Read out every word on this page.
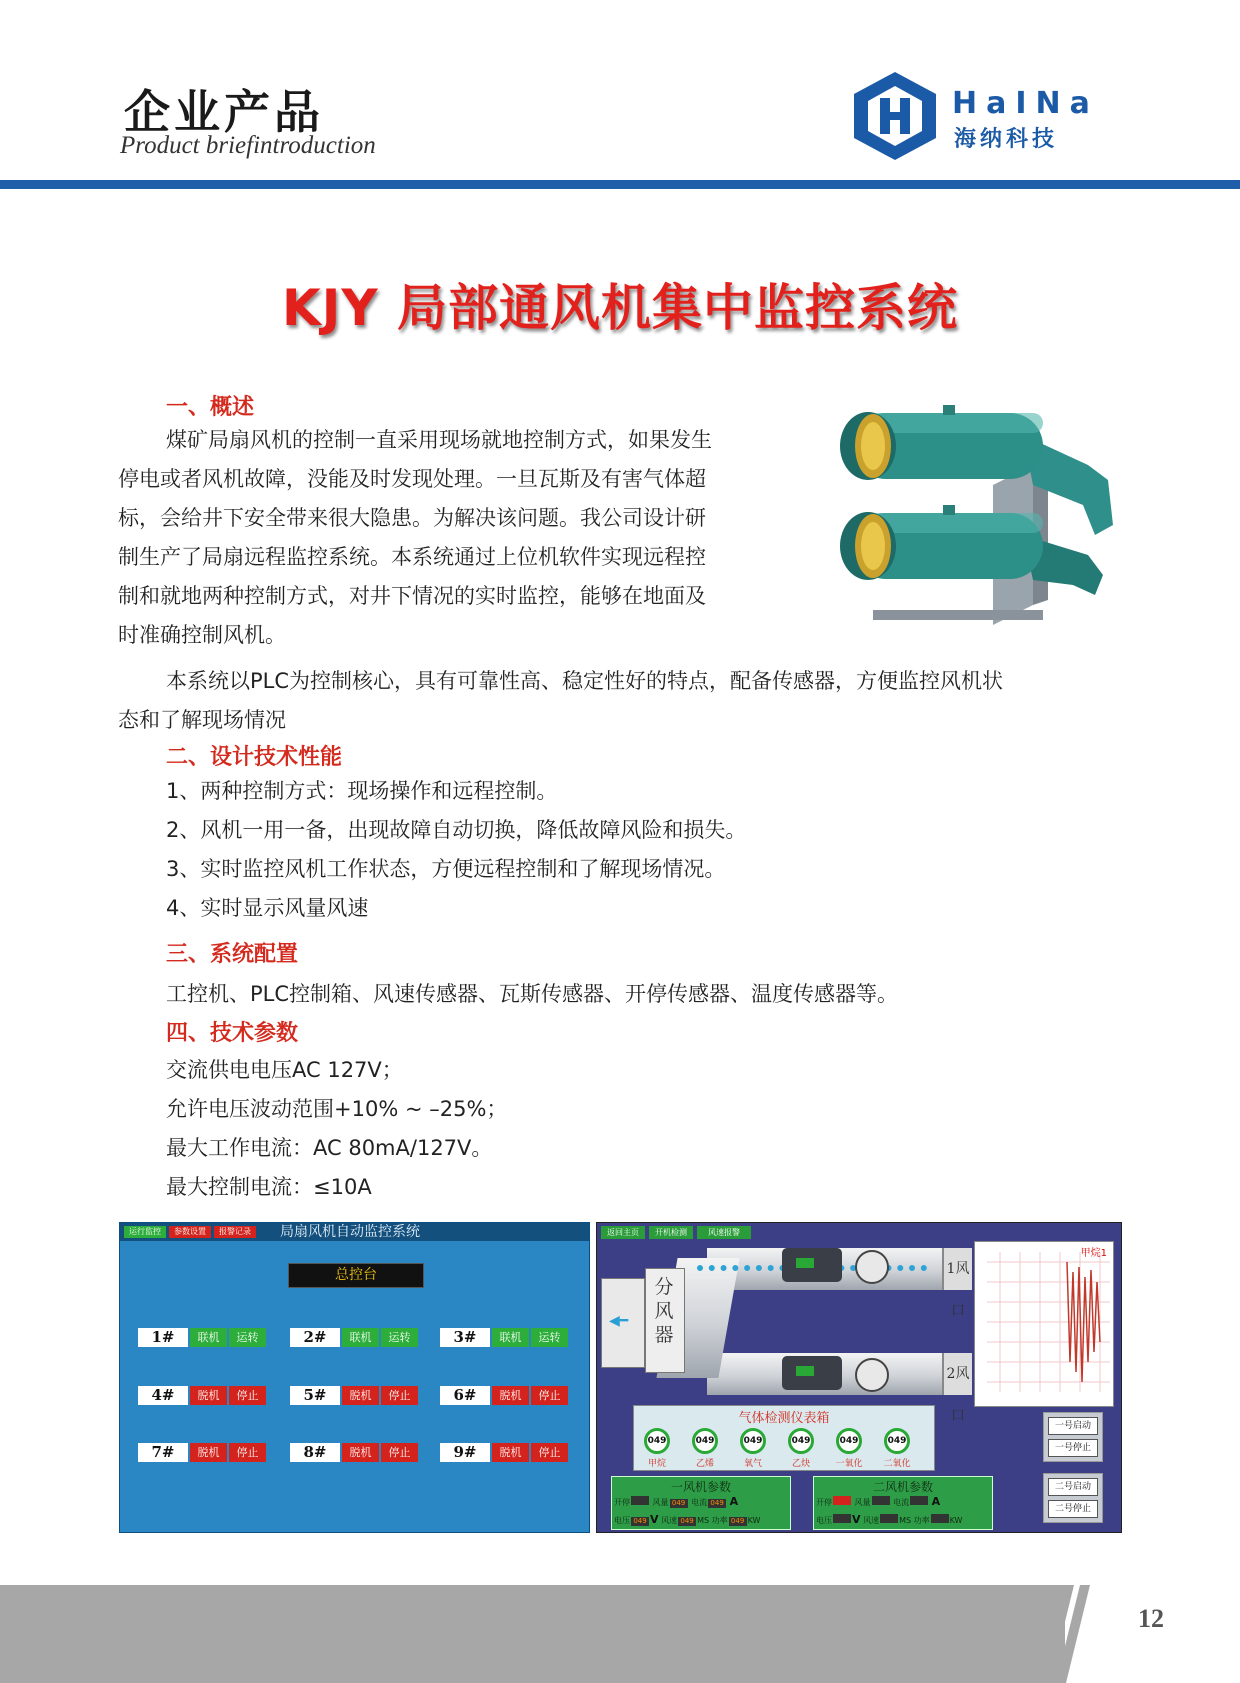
企业产品
Product briefintroduction
HaINa
海纳科技
KJY 局部通风机集中监控系统
一、概述
煤矿局扇风机的控制一直采用现场就地控制方式，如果发生
停电或者风机故障，没能及时发现处理。一旦瓦斯及有害气体超
标，会给井下安全带来很大隐患。为解决该问题。我公司设计研
制生产了局扇远程监控系统。本系统通过上位机软件实现远程控
制和就地两种控制方式，对井下情况的实时监控，能够在地面及
时准确控制风机。
本系统以PLC为控制核心，具有可靠性高、稳定性好的特点，配备传感器，方便监控风机状
态和了解现场情况
二、设计技术性能
1、两种控制方式：现场操作和远程控制。
2、风机一用一备，出现故障自动切换，降低故障风险和损失。
3、实时监控风机工作状态，方便远程控制和了解现场情况。
4、实时显示风量风速
三、系统配置
工控机、PLC控制箱、风速传感器、瓦斯传感器、开停传感器、温度传感器等。
四、技术参数
交流供电电压AC 127V；
允许电压波动范围+10% ~ –25%；
最大工作电流：AC 80mA/127V。
最大控制电流：≤10A
运行监控	参数设置	报警记录	局扇风机自动监控系统
总控台
1#	联机	运转	2#	联机	运转	3#	联机	运转
4#	脱机	停止	5#	脱机	停止	6#	脱机	停止
7#	脱机	停止	8#	脱机	停止	9#	脱机	停止
返回主页	开机检测	风速报警
◀━
分风器
1风口
2风口
甲烷1
气体检测仪表箱
049
甲烷
049
乙烯
049
氧气
049
乙炔
049
一氧化
049
二氧化
一风机参数
开停	风量 049 电流 049 A
电压 049 V 风速 049 MS 功率 049 KW
二风机参数
开停	风量	电流 A
电压 V 风速	MS 功率	KW
一号启动
一号停止
二号启动
二号停止
12
